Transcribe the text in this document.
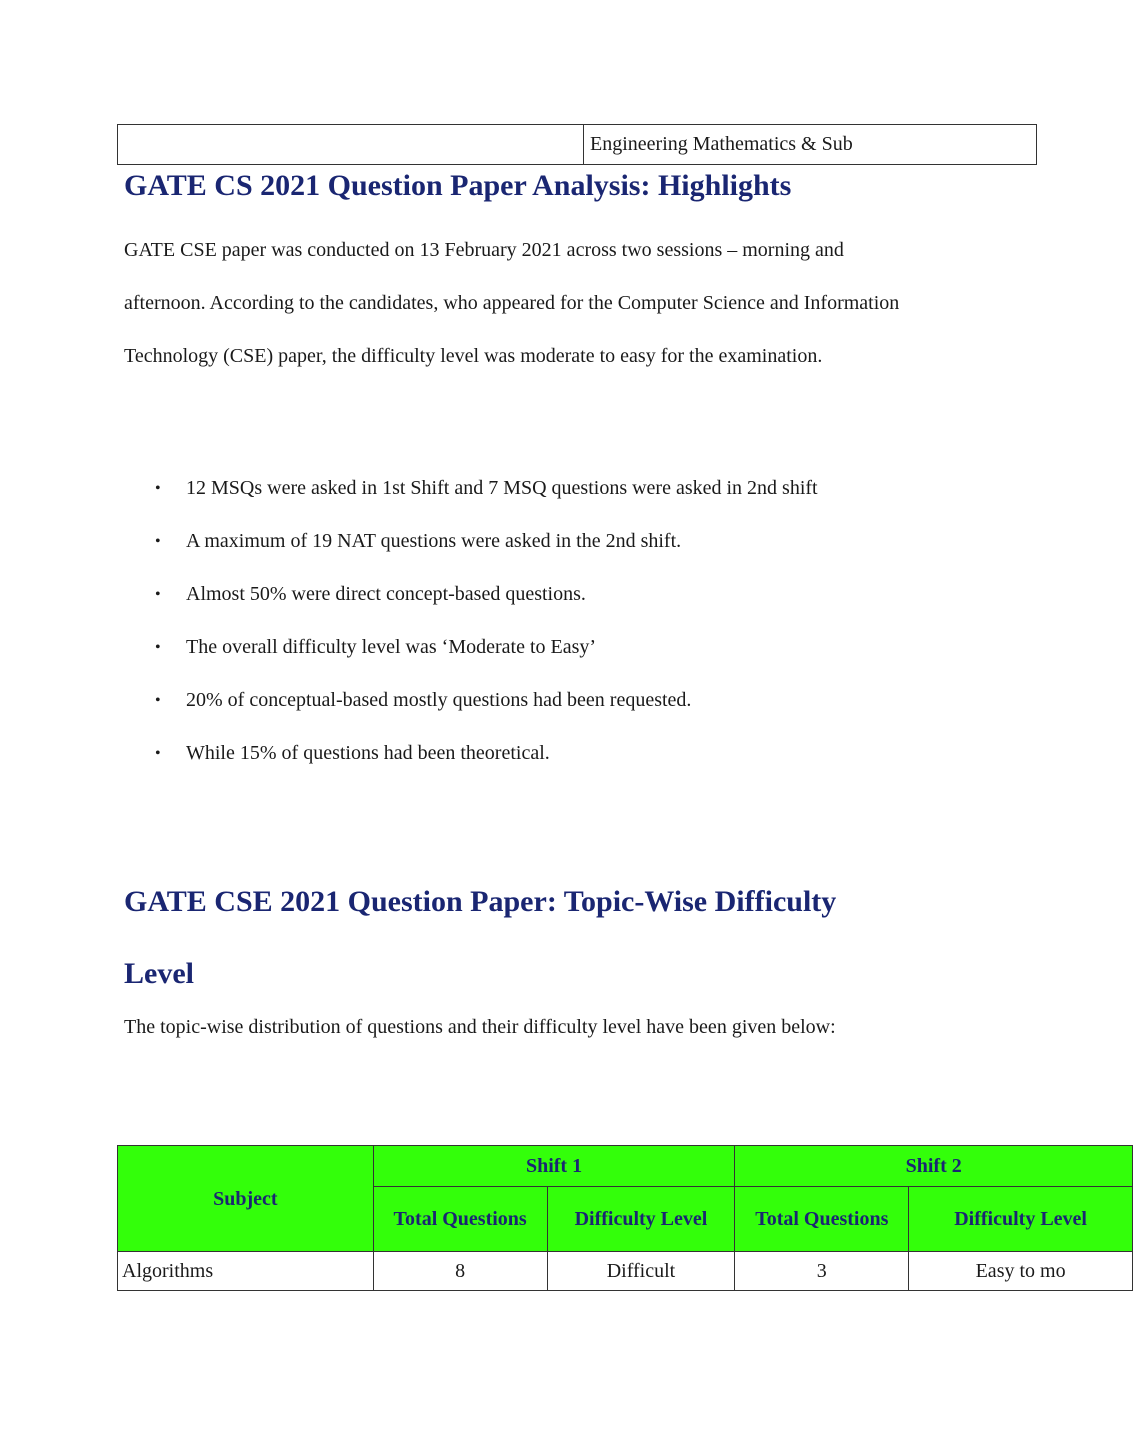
	Engineering Mathematics & Sub
GATE CS 2021 Question Paper Analysis: Highlights

GATE CSE paper was conducted on 13 February 2021 across two sessions – morning and afternoon. According to the candidates, who appeared for the Computer Science and Information Technology (CSE) paper, the difficulty level was moderate to easy for the examination.

• 12 MSQs were asked in 1st Shift and 7 MSQ questions were asked in 2nd shift
• A maximum of 19 NAT questions were asked in the 2nd shift.
• Almost 50% were direct concept-based questions.
• The overall difficulty level was ‘Moderate to Easy’
• 20% of conceptual-based mostly questions had been requested.
• While 15% of questions had been theoretical.
GATE CSE 2021 Question Paper: Topic-Wise Difficulty Level

The topic-wise distribution of questions and their difficulty level have been given below:

Subject	Shift 1		Shift 2	
	Total Questions	Difficulty Level	Total Questions	Difficulty Level
Algorithms	8	Difficult	3	Easy to mo
